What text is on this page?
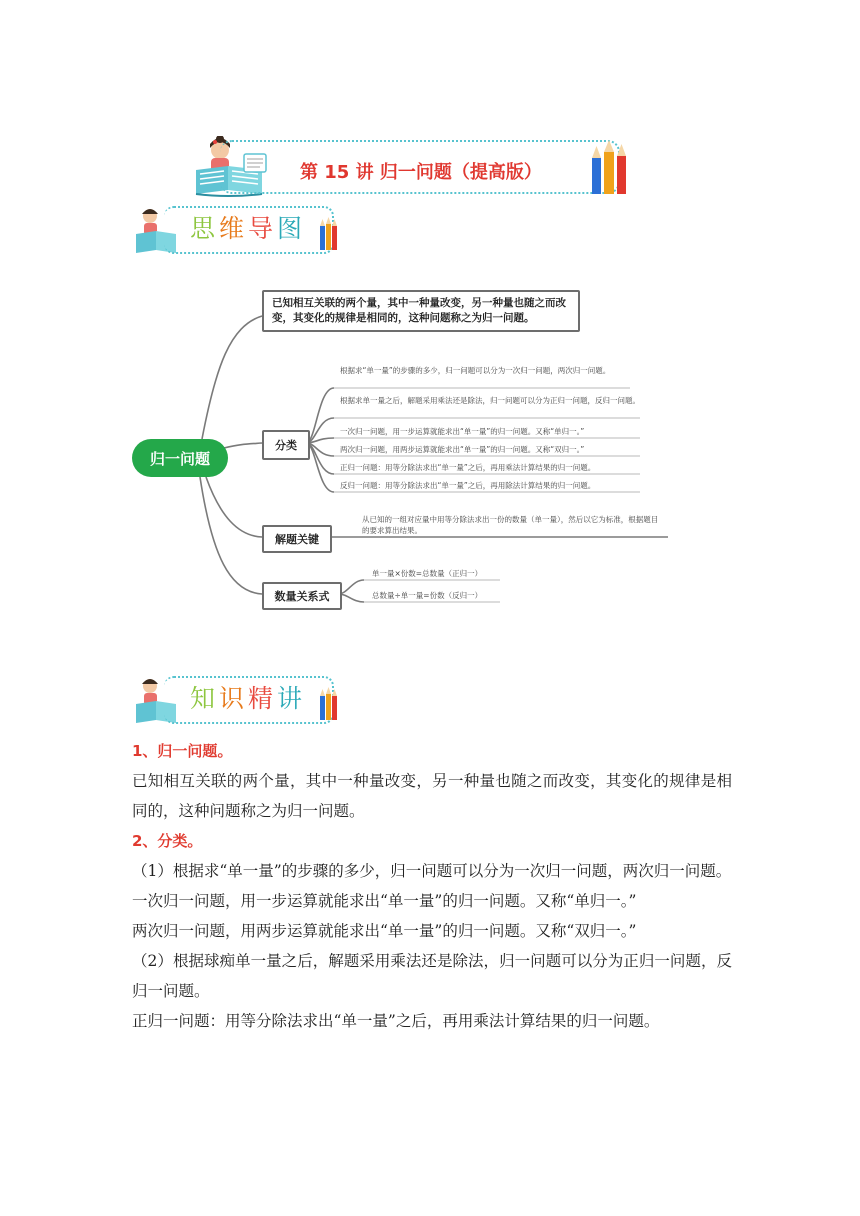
第 15 讲 归一问题（提高版）
思维导图
归一问题
已知相互关联的两个量，其中一种量改变，另一种量也随之而改变，其变化的规律是相同的，这种问题称之为归一问题。
分类
解题关键
数量关系式
根据求“单一量”的步骤的多少，归一问题可以分为一次归一问题，两次归一问题。
根据求单一量之后，解题采用乘法还是除法，归一问题可以分为正归一问题，反归一问题。
一次归一问题，用一步运算就能求出“单一量”的归一问题。又称“单归一。”
两次归一问题，用两步运算就能求出“单一量”的归一问题。又称“双归一。”
正归一问题：用等分除法求出“单一量”之后，再用乘法计算结果的归一问题。
反归一问题：用等分除法求出“单一量”之后，再用除法计算结果的归一问题。
从已知的一组对应量中用等分除法求出一份的数量（单一量），然后以它为标准，根据题目的要求算出结果。
单一量×份数=总数量（正归一）
总数量÷单一量=份数（反归一）
知识精讲
1、归一问题。
已知相互关联的两个量，其中一种量改变，另一种量也随之而改变，其变化的规律是相同的，这种问题称之为归一问题。
2、分类。
（1）根据求“单一量”的步骤的多少，归一问题可以分为一次归一问题，两次归一问题。
一次归一问题，用一步运算就能求出“单一量”的归一问题。又称“单归一。”
两次归一问题，用两步运算就能求出“单一量”的归一问题。又称“双归一。”
（2）根据球痴单一量之后，解题采用乘法还是除法，归一问题可以分为正归一问题，反归一问题。
正归一问题：用等分除法求出“单一量”之后，再用乘法计算结果的归一问题。
